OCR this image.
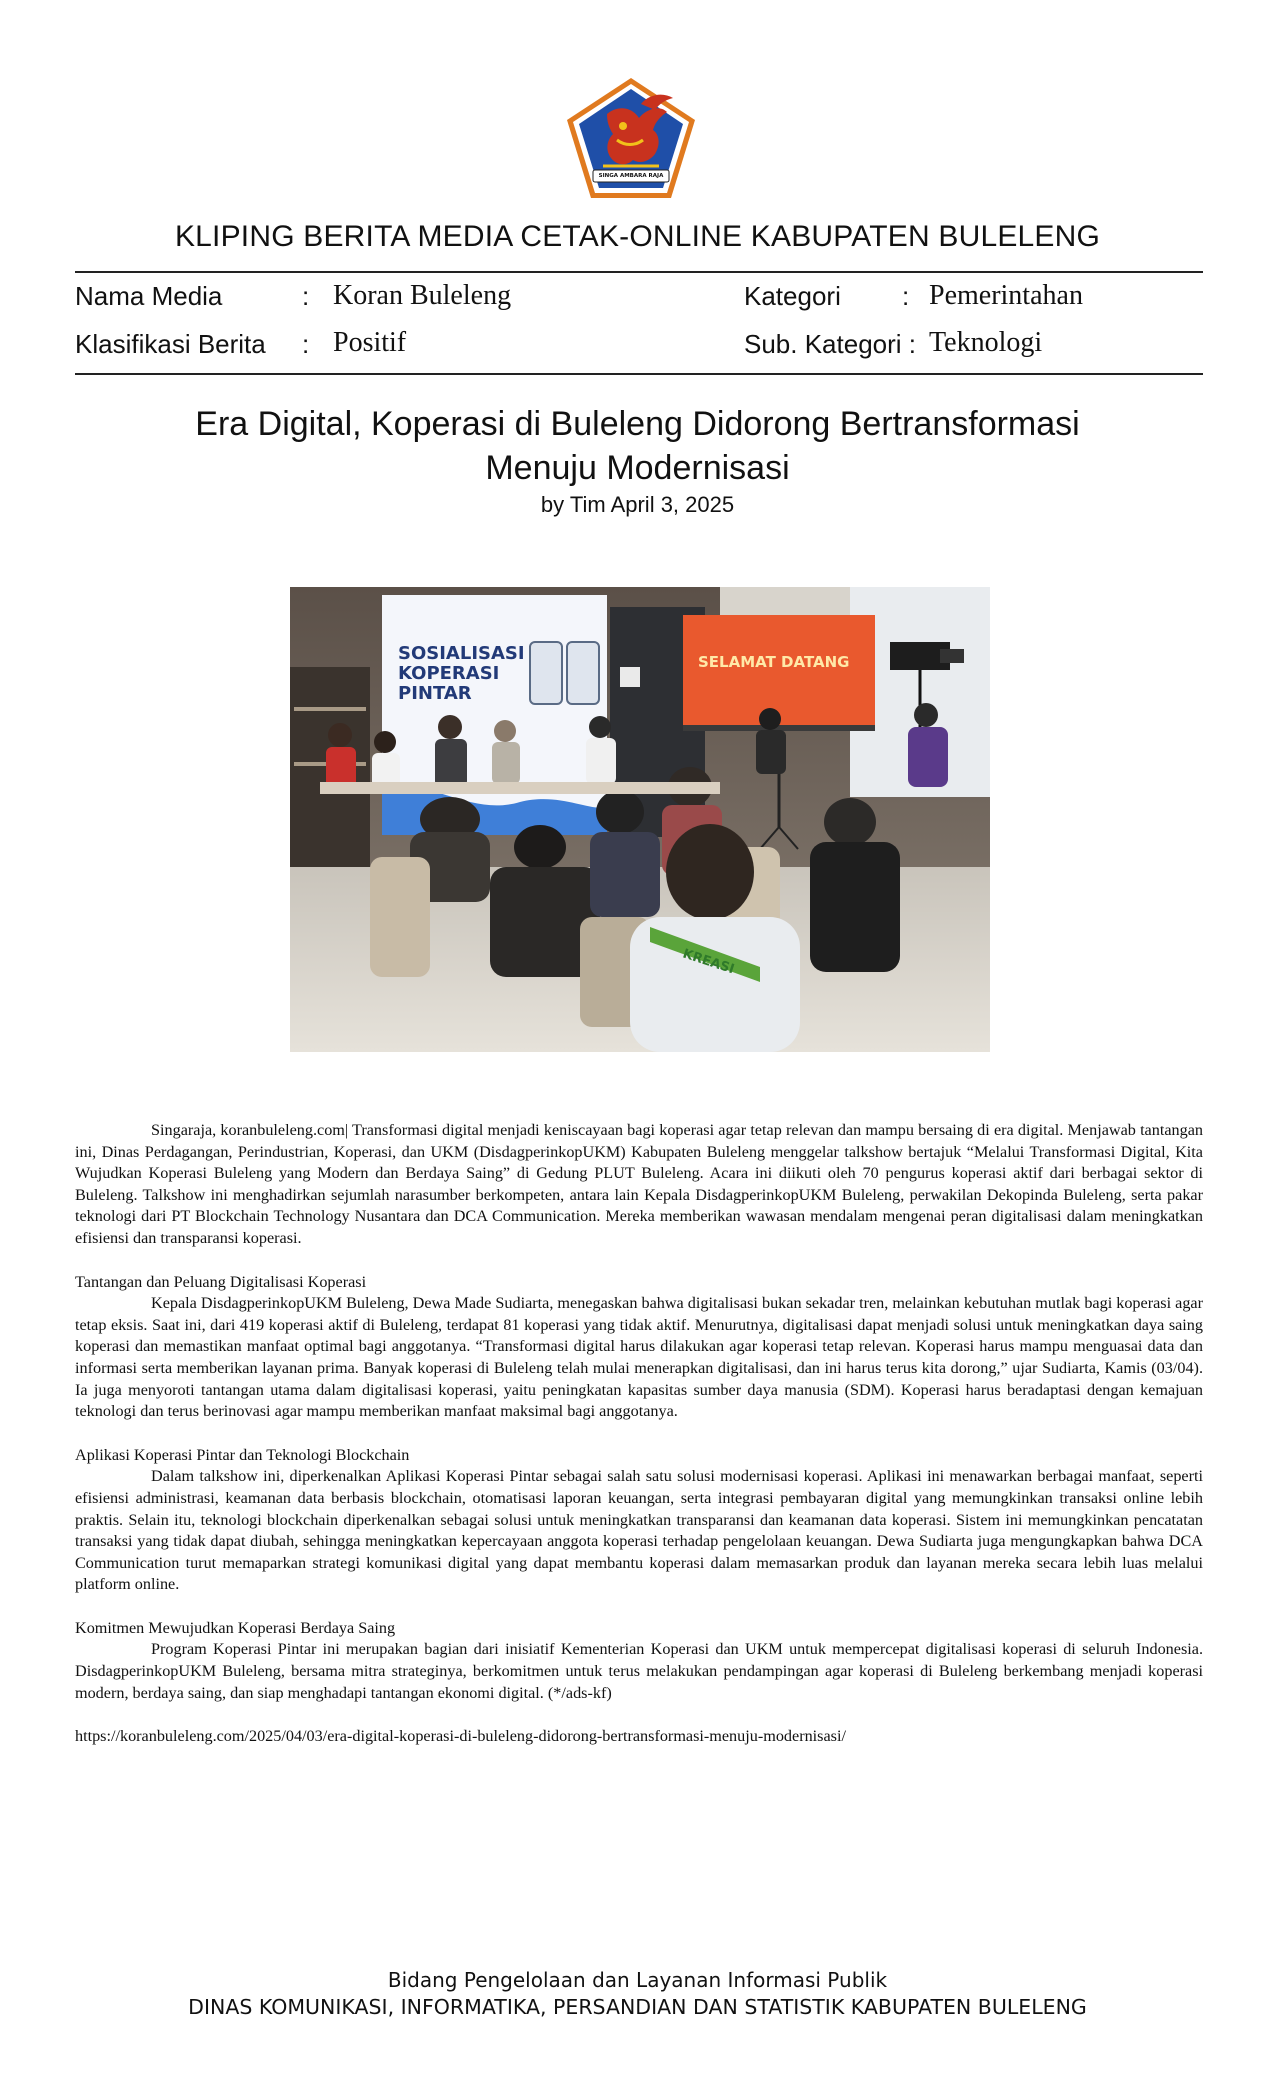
SINGA AMBARA RAJA
KLIPING BERITA MEDIA CETAK-ONLINE KABUPATEN BULELENG
Nama Media	: Koran Buleleng	Kategori : Pemerintahan
Klasifikasi Berita : Positif	Sub. Kategori : Teknologi
Era Digital, Koperasi di Buleleng Didorong Bertransformasi
Menuju Modernisasi
by Tim April 3, 2025
SOSIALISASI
KOPERASI
PINTAR
SELAMAT DATANG
KREASI

Singaraja, koranbuleleng.com| Transformasi digital menjadi keniscayaan bagi koperasi agar tetap relevan dan mampu bersaing di era digital. Menjawab tantangan ini, Dinas Perdagangan, Perindustrian, Koperasi, dan UKM (DisdagperinkopUKM) Kabupaten Buleleng menggelar talkshow bertajuk “Melalui Transformasi Digital, Kita Wujudkan Koperasi Buleleng yang Modern dan Berdaya Saing” di Gedung PLUT Buleleng. Acara ini diikuti oleh 70 pengurus koperasi aktif dari berbagai sektor di Buleleng. Talkshow ini menghadirkan sejumlah narasumber berkompeten, antara lain Kepala DisdagperinkopUKM Buleleng, perwakilan Dekopinda Buleleng, serta pakar teknologi dari PT Blockchain Technology Nusantara dan DCA Communication. Mereka memberikan wawasan mendalam mengenai peran digitalisasi dalam meningkatkan efisiensi dan transparansi koperasi.

Tantangan dan Peluang Digitalisasi Koperasi

Kepala DisdagperinkopUKM Buleleng, Dewa Made Sudiarta, menegaskan bahwa digitalisasi bukan sekadar tren, melainkan kebutuhan mutlak bagi koperasi agar tetap eksis. Saat ini, dari 419 koperasi aktif di Buleleng, terdapat 81 koperasi yang tidak aktif. Menurutnya, digitalisasi dapat menjadi solusi untuk meningkatkan daya saing koperasi dan memastikan manfaat optimal bagi anggotanya. “Transformasi digital harus dilakukan agar koperasi tetap relevan. Koperasi harus mampu menguasai data dan informasi serta memberikan layanan prima. Banyak koperasi di Buleleng telah mulai menerapkan digitalisasi, dan ini harus terus kita dorong,” ujar Sudiarta, Kamis (03/04). Ia juga menyoroti tantangan utama dalam digitalisasi koperasi, yaitu peningkatan kapasitas sumber daya manusia (SDM). Koperasi harus beradaptasi dengan kemajuan teknologi dan terus berinovasi agar mampu memberikan manfaat maksimal bagi anggotanya.

Aplikasi Koperasi Pintar dan Teknologi Blockchain

Dalam talkshow ini, diperkenalkan Aplikasi Koperasi Pintar sebagai salah satu solusi modernisasi koperasi. Aplikasi ini menawarkan berbagai manfaat, seperti efisiensi administrasi, keamanan data berbasis blockchain, otomatisasi laporan keuangan, serta integrasi pembayaran digital yang memungkinkan transaksi online lebih praktis. Selain itu, teknologi blockchain diperkenalkan sebagai solusi untuk meningkatkan transparansi dan keamanan data koperasi. Sistem ini memungkinkan pencatatan transaksi yang tidak dapat diubah, sehingga meningkatkan kepercayaan anggota koperasi terhadap pengelolaan keuangan. Dewa Sudiarta juga mengungkapkan bahwa DCA Communication turut memaparkan strategi komunikasi digital yang dapat membantu koperasi dalam memasarkan produk dan layanan mereka secara lebih luas melalui platform online.

Komitmen Mewujudkan Koperasi Berdaya Saing

Program Koperasi Pintar ini merupakan bagian dari inisiatif Kementerian Koperasi dan UKM untuk mempercepat digitalisasi koperasi di seluruh Indonesia. DisdagperinkopUKM Buleleng, bersama mitra strateginya, berkomitmen untuk terus melakukan pendampingan agar koperasi di Buleleng berkembang menjadi koperasi modern, berdaya saing, dan siap menghadapi tantangan ekonomi digital. (*/ads-kf)

https://koranbuleleng.com/2025/04/03/era-digital-koperasi-di-buleleng-didorong-bertransformasi-menuju-modernisasi/

Bidang Pengelolaan dan Layanan Informasi Publik
DINAS KOMUNIKASI, INFORMATIKA, PERSANDIAN DAN STATISTIK KABUPATEN BULELENG
